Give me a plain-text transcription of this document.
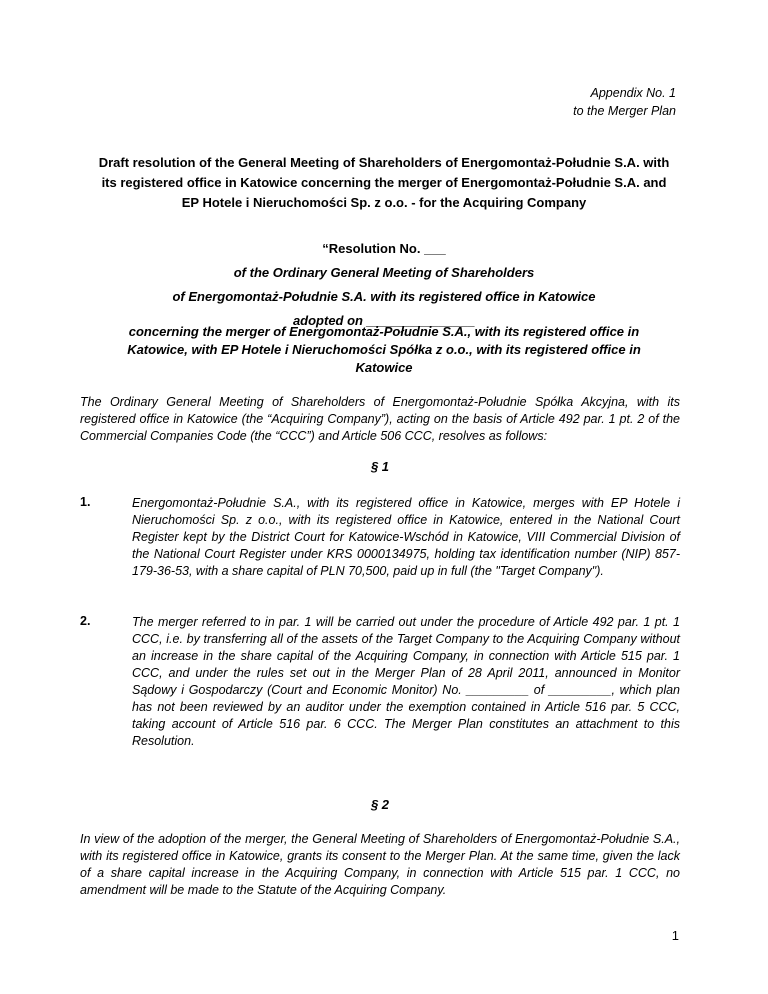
Appendix No. 1
to the Merger Plan
Draft resolution of the General Meeting of Shareholders of Energomontaż-Południe S.A. with its registered office in Katowice concerning the merger of Energomontaż-Południe S.A. and EP Hotele i Nieruchomości Sp. z o.o. - for the Acquiring Company
“Resolution No. ___
of the Ordinary General Meeting of Shareholders
of Energomontaż-Południe S.A. with its registered office in Katowice
adopted on _______________
concerning the merger of Energomontaż-Południe S.A., with its registered office in Katowice, with EP Hotele i Nieruchomości Spółka z o.o., with its registered office in Katowice
The Ordinary General Meeting of Shareholders of Energomontaż-Południe Spółka Akcyjna, with its registered office in Katowice (the “Acquiring Company”), acting on the basis of Article 492 par. 1 pt. 2 of the Commercial Companies Code (the “CCC”) and Article 506 CCC, resolves as follows:
§ 1
1.	Energomontaż-Południe S.A., with its registered office in Katowice, merges with EP Hotele i Nieruchomości Sp. z o.o., with its registered office in Katowice, entered in the National Court Register kept by the District Court for Katowice-Wschód in Katowice, VIII Commercial Division of the National Court Register under KRS 0000134975, holding tax identification number (NIP) 857-179-36-53, with a share capital of PLN 70,500, paid up in full (the "Target Company").
2.	The merger referred to in par. 1 will be carried out under the procedure of Article 492 par. 1 pt. 1 CCC, i.e. by transferring all of the assets of the Target Company to the Acquiring Company without an increase in the share capital of the Acquiring Company, in connection with Article 515 par. 1 CCC, and under the rules set out in the Merger Plan of 28 April 2011, announced in Monitor Sądowy i Gospodarczy (Court and Economic Monitor) No. _________ of _________, which plan has not been reviewed by an auditor under the exemption contained in Article 516 par. 5 CCC, taking account of Article 516 par. 6 CCC. The Merger Plan constitutes an attachment to this Resolution.
§ 2
In view of the adoption of the merger, the General Meeting of Shareholders of Energomontaż-Południe S.A., with its registered office in Katowice, grants its consent to the Merger Plan. At the same time, given the lack of a share capital increase in the Acquiring Company, in connection with Article 515 par. 1 CCC, no amendment will be made to the Statute of the Acquiring Company.
1
